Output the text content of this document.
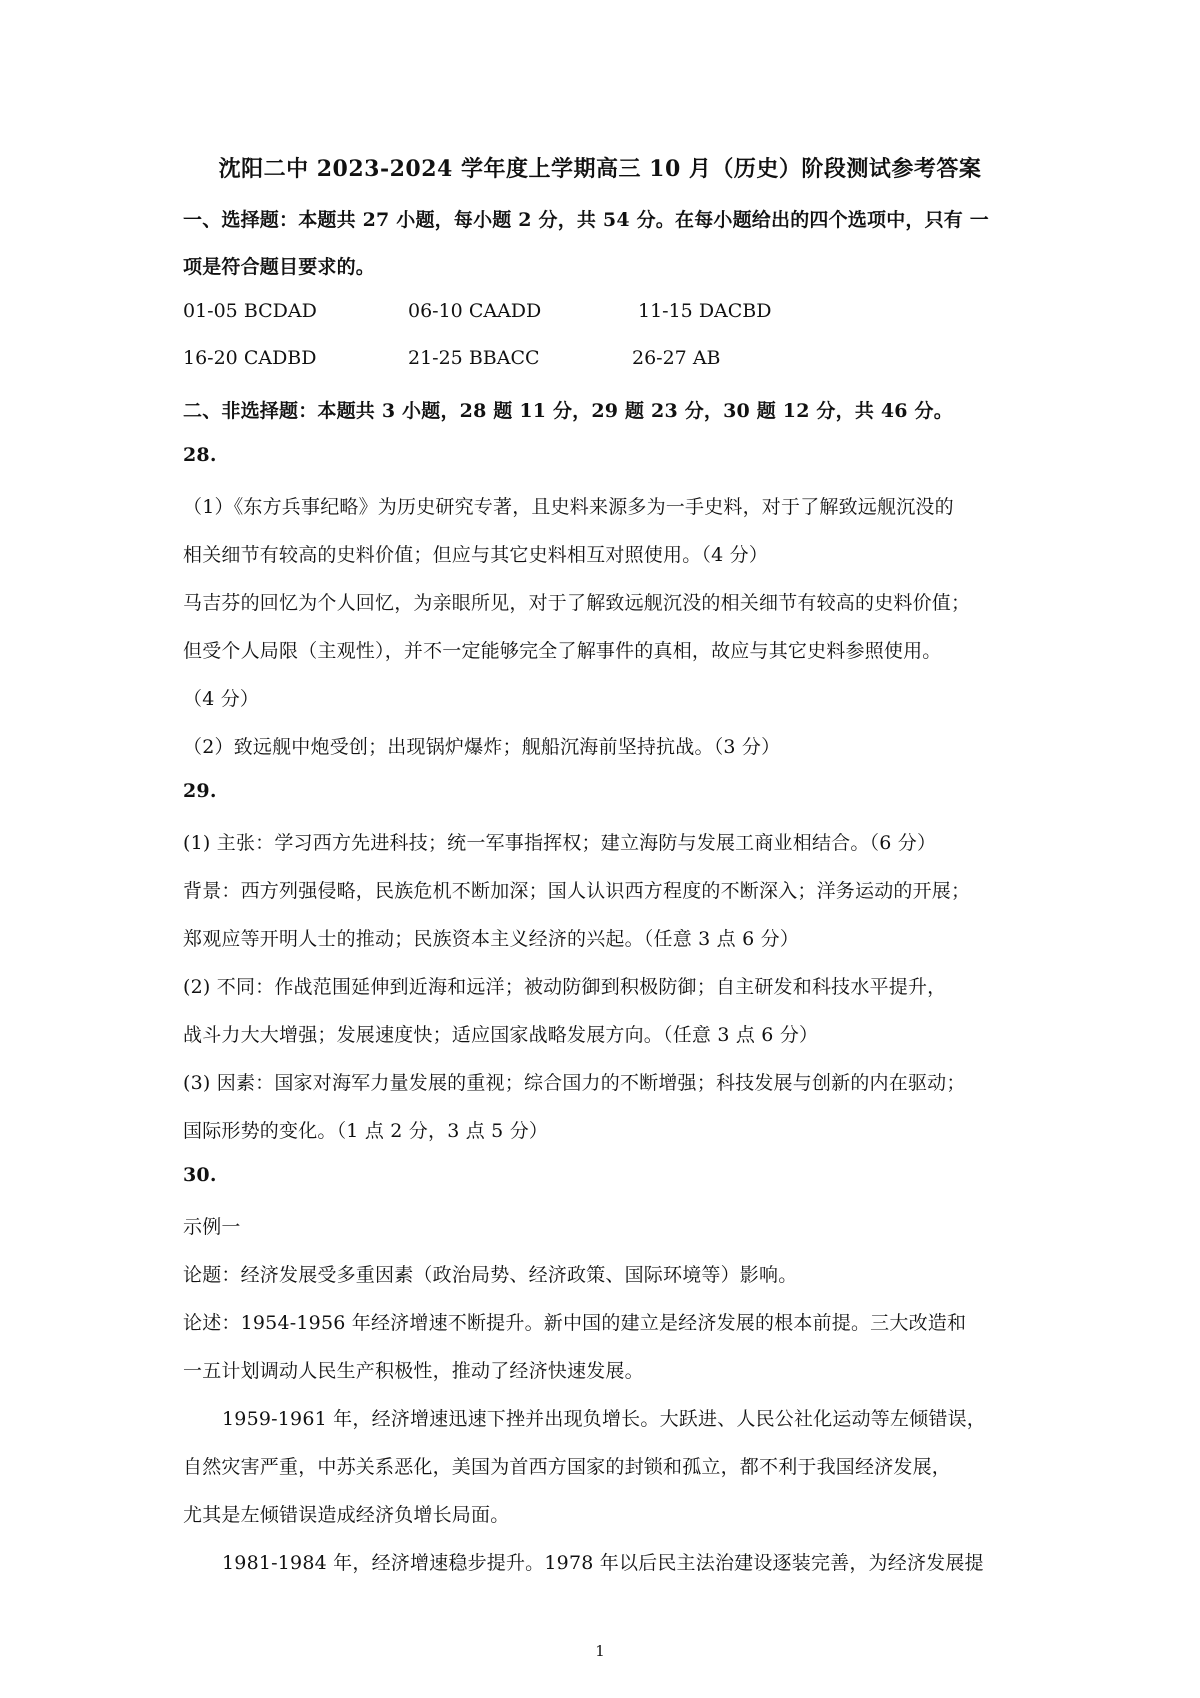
沈阳二中 2023-2024 学年度上学期高三 10 月（历史）阶段测试参考答案
一、选择题：本题共 27 小题，每小题 2 分，共 54 分。在每小题给出的四个选项中，只有 一
项是符合题目要求的。
01-05 BCDAD	06-10 CAADD	11-15 DACBD
16-20 CADBD	21-25 BBACC	26-27 AB
二、非选择题：本题共 3 小题，28 题 11 分，29 题 23 分，30 题 12 分，共 46 分。
28.
（1）《东方兵事纪略》为历史研究专著，且史料来源多为一手史料，对于了解致远舰沉没的
相关细节有较高的史料价值；但应与其它史料相互对照使用。（4 分）
马吉芬的回忆为个人回忆，为亲眼所见，对于了解致远舰沉没的相关细节有较高的史料价值；
但受个人局限（主观性），并不一定能够完全了解事件的真相，故应与其它史料参照使用。
（4 分）
（2）致远舰中炮受创；出现锅炉爆炸；舰船沉海前坚持抗战。（3 分）
29.
(1) 主张：学习西方先进科技；统一军事指挥权；建立海防与发展工商业相结合。（6 分）
背景：西方列强侵略，民族危机不断加深；国人认识西方程度的不断深入；洋务运动的开展；
郑观应等开明人士的推动；民族资本主义经济的兴起。（任意 3 点 6 分）
(2) 不同：作战范围延伸到近海和远洋；被动防御到积极防御；自主研发和科技水平提升，
战斗力大大增强；发展速度快；适应国家战略发展方向。（任意 3 点 6 分）
(3) 因素：国家对海军力量发展的重视；综合国力的不断增强；科技发展与创新的内在驱动；
国际形势的变化。（1 点 2 分，3 点 5 分）
30.
示例一
论题：经济发展受多重因素（政治局势、经济政策、国际环境等）影响。
论述：1954-1956 年经济增速不断提升。新中国的建立是经济发展的根本前提。三大改造和
一五计划调动人民生产积极性，推动了经济快速发展。
1959-1961 年，经济增速迅速下挫并出现负增长。大跃进、人民公社化运动等左倾错误，
自然灾害严重，中苏关系恶化，美国为首西方国家的封锁和孤立，都不利于我国经济发展，
尤其是左倾错误造成经济负增长局面。
1981-1984 年，经济增速稳步提升。1978 年以后民主法治建设逐装完善，为经济发展提
1
